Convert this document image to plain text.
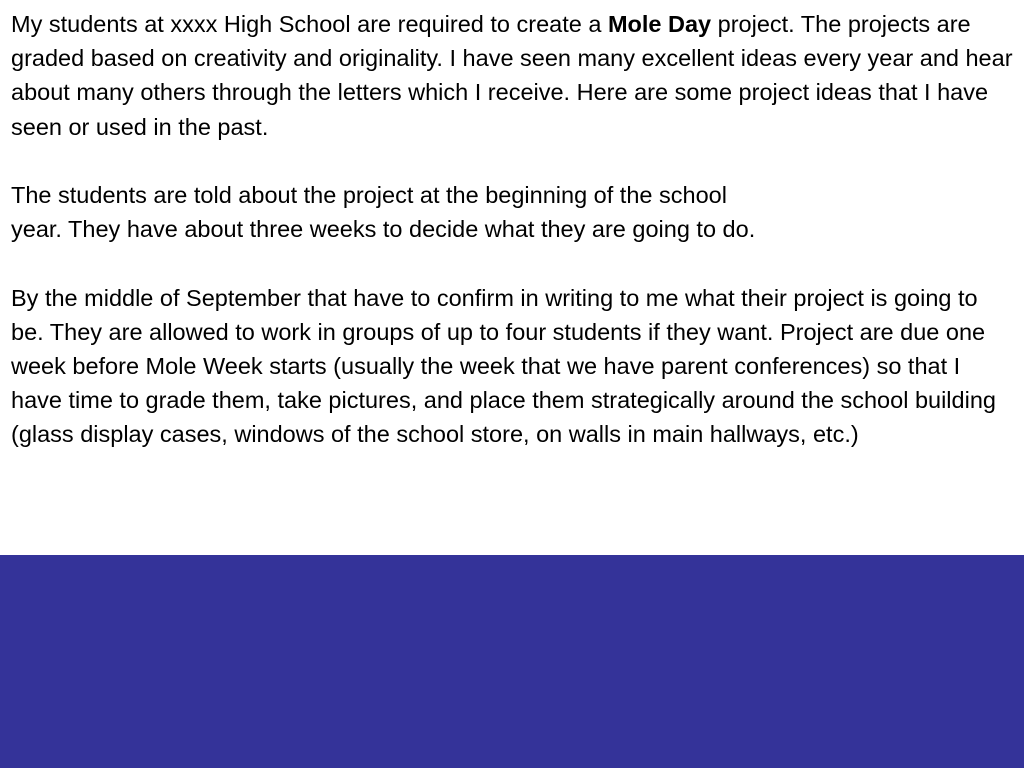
My students at xxxx High School are required to create a Mole Day project. The projects are graded based on creativity and originality. I have seen many excellent ideas every year and hear about many others through the letters which I receive. Here are some project ideas that I have seen or used in the past.

The students are told about the project at the beginning of the school
year. They have about three weeks to decide what they are going to do.

By the middle of September that have to confirm in writing to me what their project is going to be. They are allowed to work in groups of up to four students if they want. Project are due one week before Mole Week starts (usually the week that we have parent conferences) so that I have time to grade them, take pictures, and place them strategically around the school building (glass display cases, windows of the school store, on walls in main hallways, etc.)
